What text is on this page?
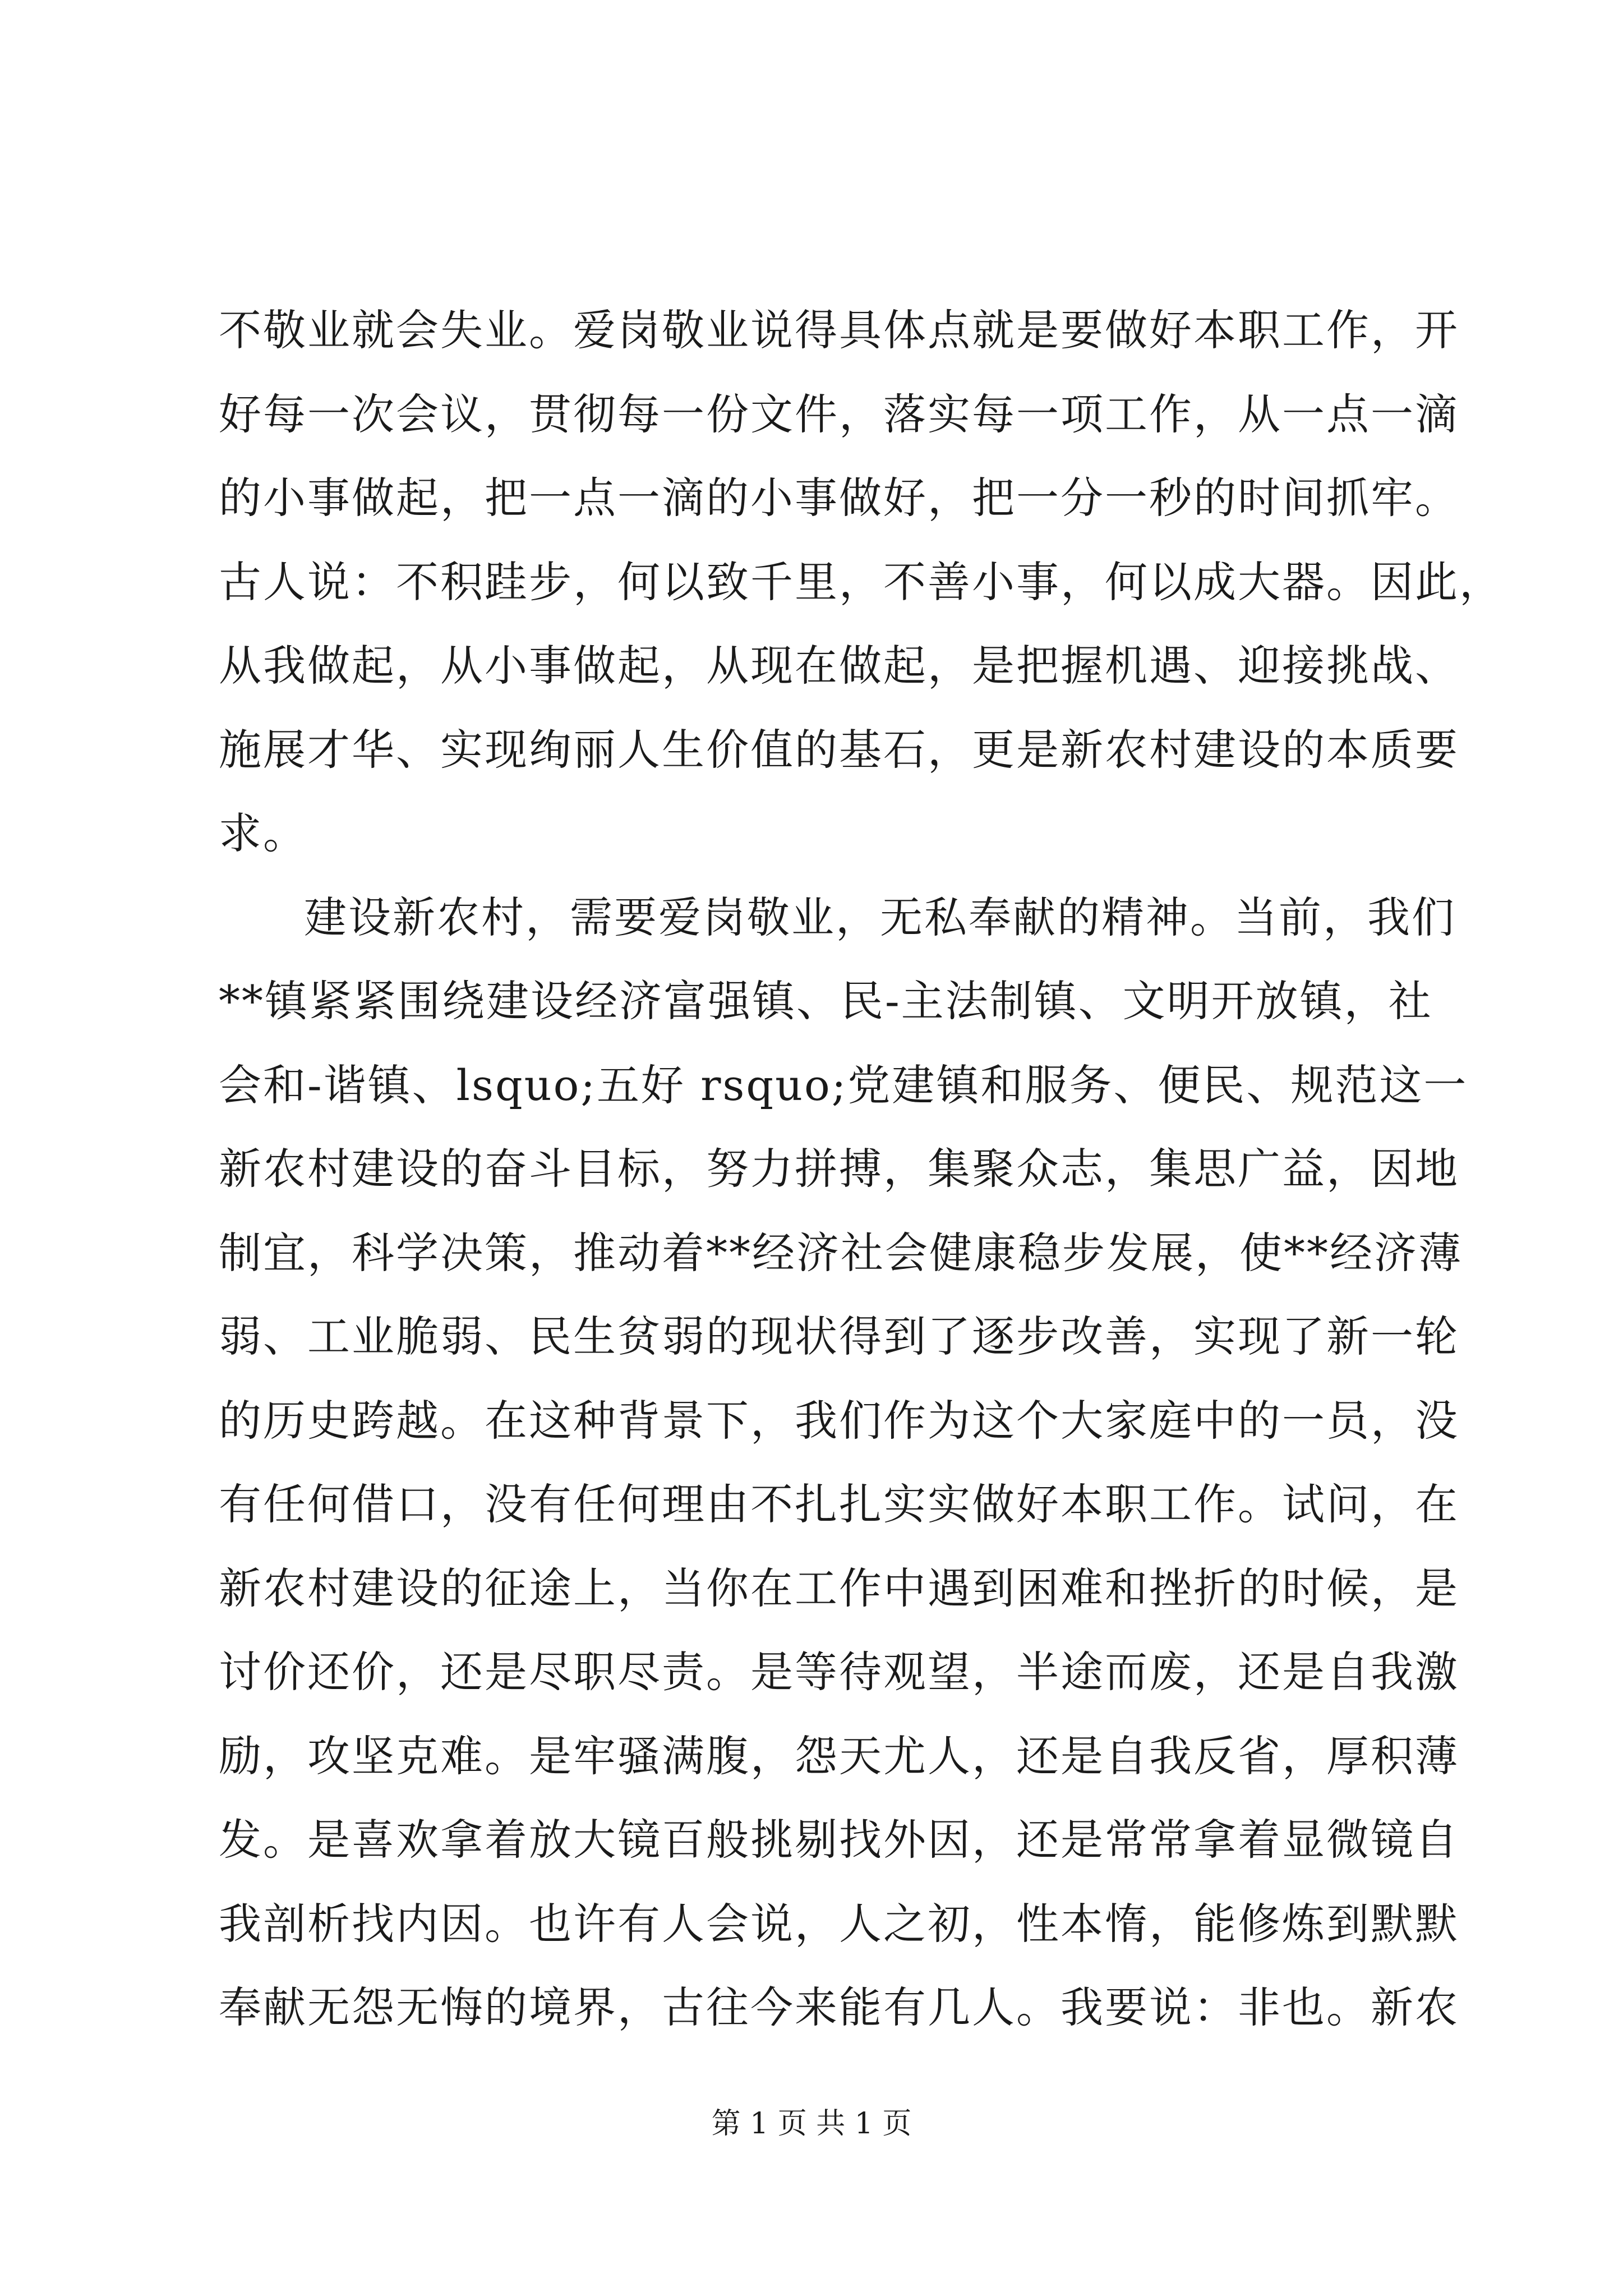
不敬业就会失业。爱岗敬业说得具体点就是要做好本职工作，开
好每一次会议，贯彻每一份文件，落实每一项工作，从一点一滴
的小事做起，把一点一滴的小事做好，把一分一秒的时间抓牢。
古人说：不积跬步，何以致千里，不善小事，何以成大器。因此，
从我做起，从小事做起，从现在做起，是把握机遇、迎接挑战、
施展才华、实现绚丽人生价值的基石，更是新农村建设的本质要
求。
建设新农村，需要爱岗敬业，无私奉献的精神。当前，我们
**镇紧紧围绕建设经济富强镇、民-主法制镇、文明开放镇，社
会和-谐镇、lsquo;五好 rsquo;党建镇和服务、便民、规范这一
新农村建设的奋斗目标，努力拼搏，集聚众志，集思广益，因地
制宜，科学决策，推动着**经济社会健康稳步发展，使**经济薄
弱、工业脆弱、民生贫弱的现状得到了逐步改善，实现了新一轮
的历史跨越。在这种背景下，我们作为这个大家庭中的一员，没
有任何借口，没有任何理由不扎扎实实做好本职工作。试问，在
新农村建设的征途上，当你在工作中遇到困难和挫折的时候，是
讨价还价，还是尽职尽责。是等待观望，半途而废，还是自我激
励，攻坚克难。是牢骚满腹，怨天尤人，还是自我反省，厚积薄
发。是喜欢拿着放大镜百般挑剔找外因，还是常常拿着显微镜自
我剖析找内因。也许有人会说，人之初，性本惰，能修炼到默默
奉献无怨无悔的境界，古往今来能有几人。我要说：非也。新农
第 1 页 共 1 页
